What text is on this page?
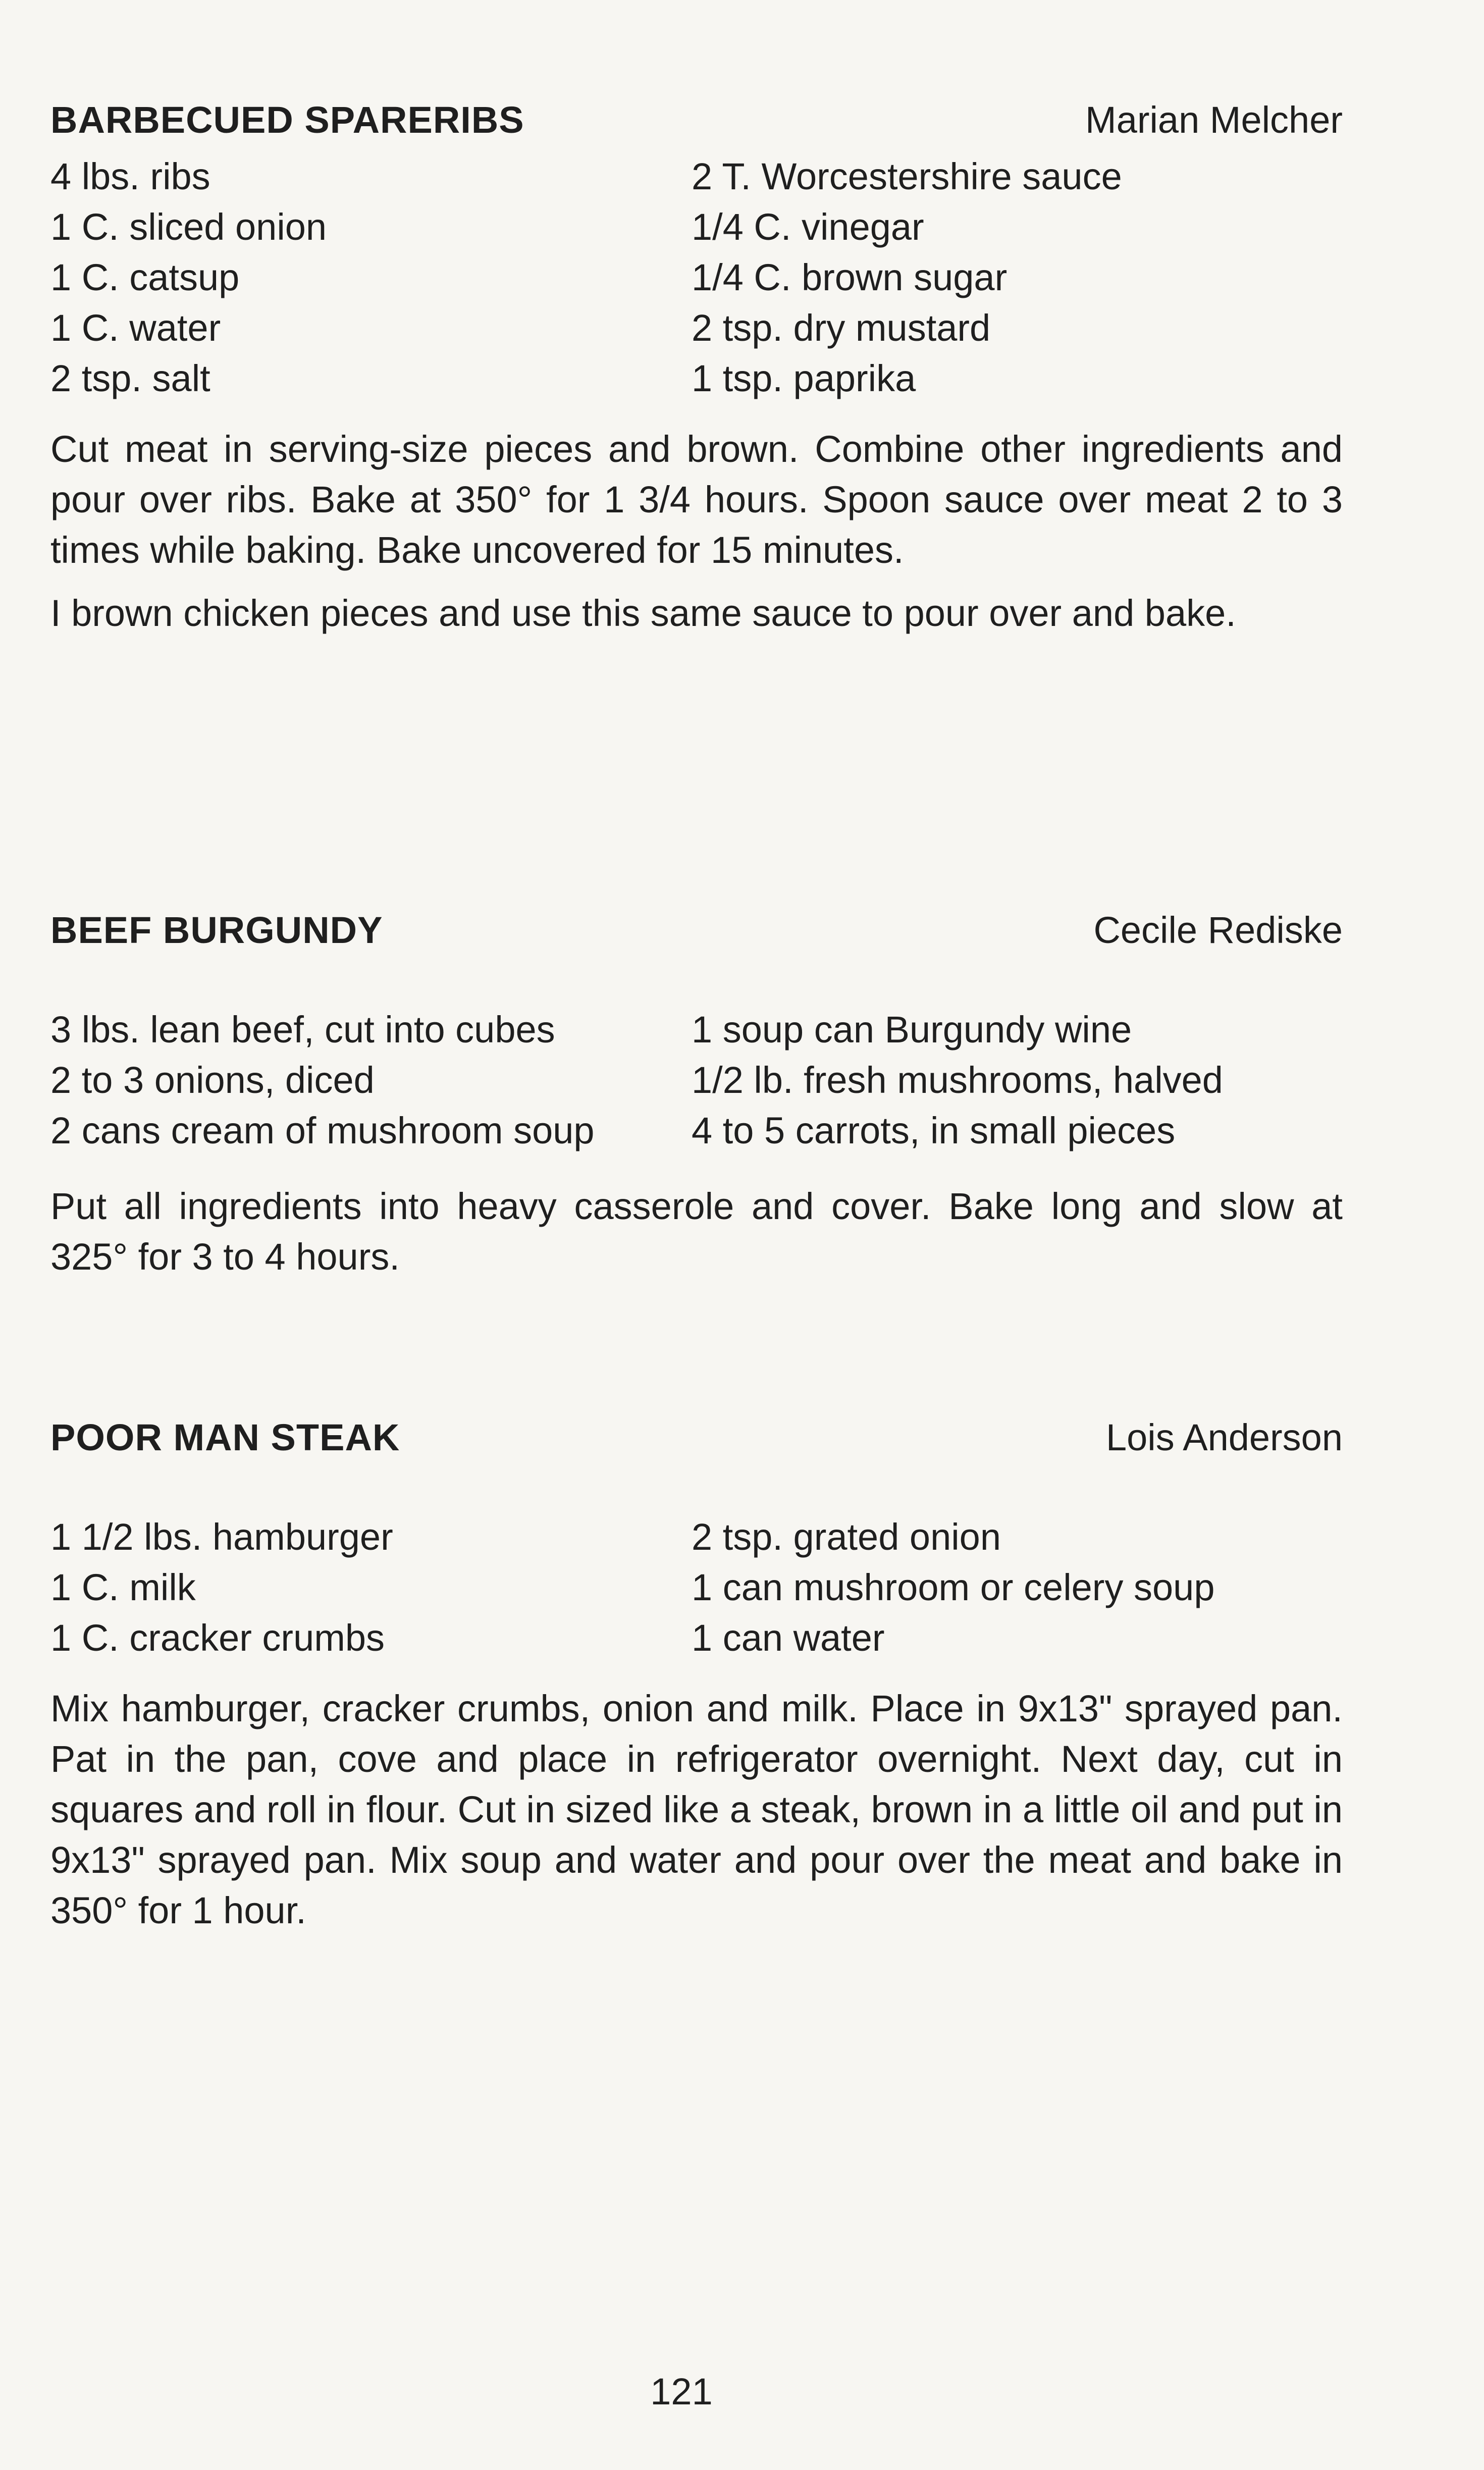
BARBECUED SPARERIBS	Marian Melcher
4 lbs. ribs	2 T. Worcestershire sauce
1 C. sliced onion	1/4 C. vinegar
1 C. catsup	1/4 C. brown sugar
1 C. water	2 tsp. dry mustard
2 tsp. salt	1 tsp. paprika

Cut meat in serving-size pieces and brown. Combine other ingredients and pour over ribs. Bake at 350° for 1 3/4 hours. Spoon sauce over meat 2 to 3 times while baking. Bake uncovered for 15 minutes.

I brown chicken pieces and use this same sauce to pour over and bake.

BEEF BURGUNDY	Cecile Rediske
3 lbs. lean beef, cut into cubes	1 soup can Burgundy wine
2 to 3 onions, diced	1/2 lb. fresh mushrooms, halved
2 cans cream of mushroom soup	4 to 5 carrots, in small pieces

Put all ingredients into heavy casserole and cover. Bake long and slow at 325° for 3 to 4 hours.

POOR MAN STEAK	Lois Anderson
1 1/2 lbs. hamburger	2 tsp. grated onion
1 C. milk	1 can mushroom or celery soup
1 C. cracker crumbs	1 can water

Mix hamburger, cracker crumbs, onion and milk. Place in 9x13" sprayed pan. Pat in the pan, cove and place in refrigerator overnight. Next day, cut in squares and roll in flour. Cut in sized like a steak, brown in a little oil and put in 9x13" sprayed pan. Mix soup and water and pour over the meat and bake in 350° for 1 hour.

121
